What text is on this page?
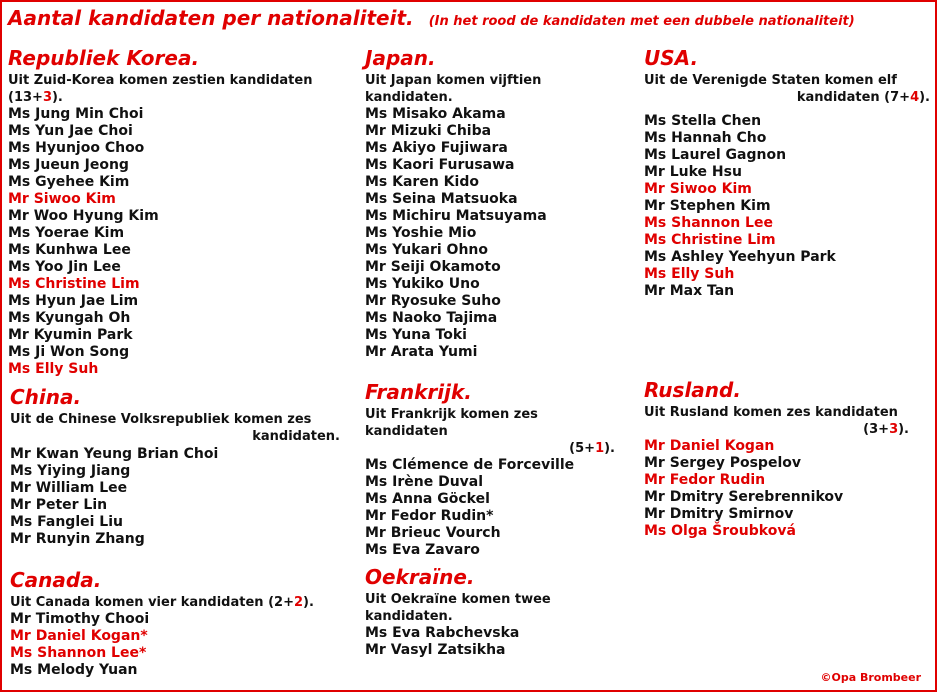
Aantal kandidaten per nationaliteit. (In het rood de kandidaten met een dubbele nationaliteit)
Republiek Korea.
Uit Zuid-Korea komen zestien kandidaten (13+3).
Ms Jung Min Choi
Ms Yun Jae Choi
Ms Hyunjoo Choo
Ms Jueun Jeong
Ms Gyehee Kim
Mr Siwoo Kim
Mr Woo Hyung Kim
Ms Yoerae Kim
Ms Kunhwa Lee
Ms Yoo Jin Lee
Ms Christine Lim
Ms Hyun Jae Lim
Ms Kyungah Oh
Mr Kyumin Park
Ms Ji Won Song
Ms Elly Suh
Japan.
Uit Japan komen vijftien kandidaten.
Ms Misako Akama
Mr Mizuki Chiba
Ms Akiyo Fujiwara
Ms Kaori Furusawa
Ms Karen Kido
Ms Seina Matsuoka
Ms Michiru Matsuyama
Ms Yoshie Mio
Ms Yukari Ohno
Mr Seiji Okamoto
Ms Yukiko Uno
Mr Ryosuke Suho
Ms Naoko Tajima
Ms Yuna Toki
Mr Arata Yumi
USA.
Uit de Verenigde Staten komen elf
kandidaten (7+4).
Ms Stella Chen
Ms Hannah Cho
Ms Laurel Gagnon
Mr Luke Hsu
Mr Siwoo Kim
Mr Stephen Kim
Ms Shannon Lee
Ms Christine Lim
Ms Ashley Yeehyun Park
Ms Elly Suh
Mr Max Tan
China.
Uit de Chinese Volksrepubliek komen zes
kandidaten.
Mr Kwan Yeung Brian Choi
Ms Yiying Jiang
Mr William Lee
Mr Peter Lin
Ms Fanglei Liu
Mr Runyin Zhang
Frankrijk.
Uit Frankrijk komen zes kandidaten
(5+1).
Ms Clémence de Forceville
Ms Irène Duval
Ms Anna Göckel
Mr Fedor Rudin*
Mr Brieuc Vourch
Ms Eva Zavaro
Rusland.
Uit Rusland komen zes kandidaten
(3+3).
Mr Daniel Kogan
Mr Sergey Pospelov
Mr Fedor Rudin
Mr Dmitry Serebrennikov
Mr Dmitry Smirnov
Ms Olga Šroubková
Canada.
Uit Canada komen vier kandidaten (2+2).
Mr Timothy Chooi
Mr Daniel Kogan*
Ms Shannon Lee*
Ms Melody Yuan
Oekraïne.
Uit Oekraïne komen twee kandidaten.
Ms Eva Rabchevska
Mr Vasyl Zatsikha
©Opa Brombeer
